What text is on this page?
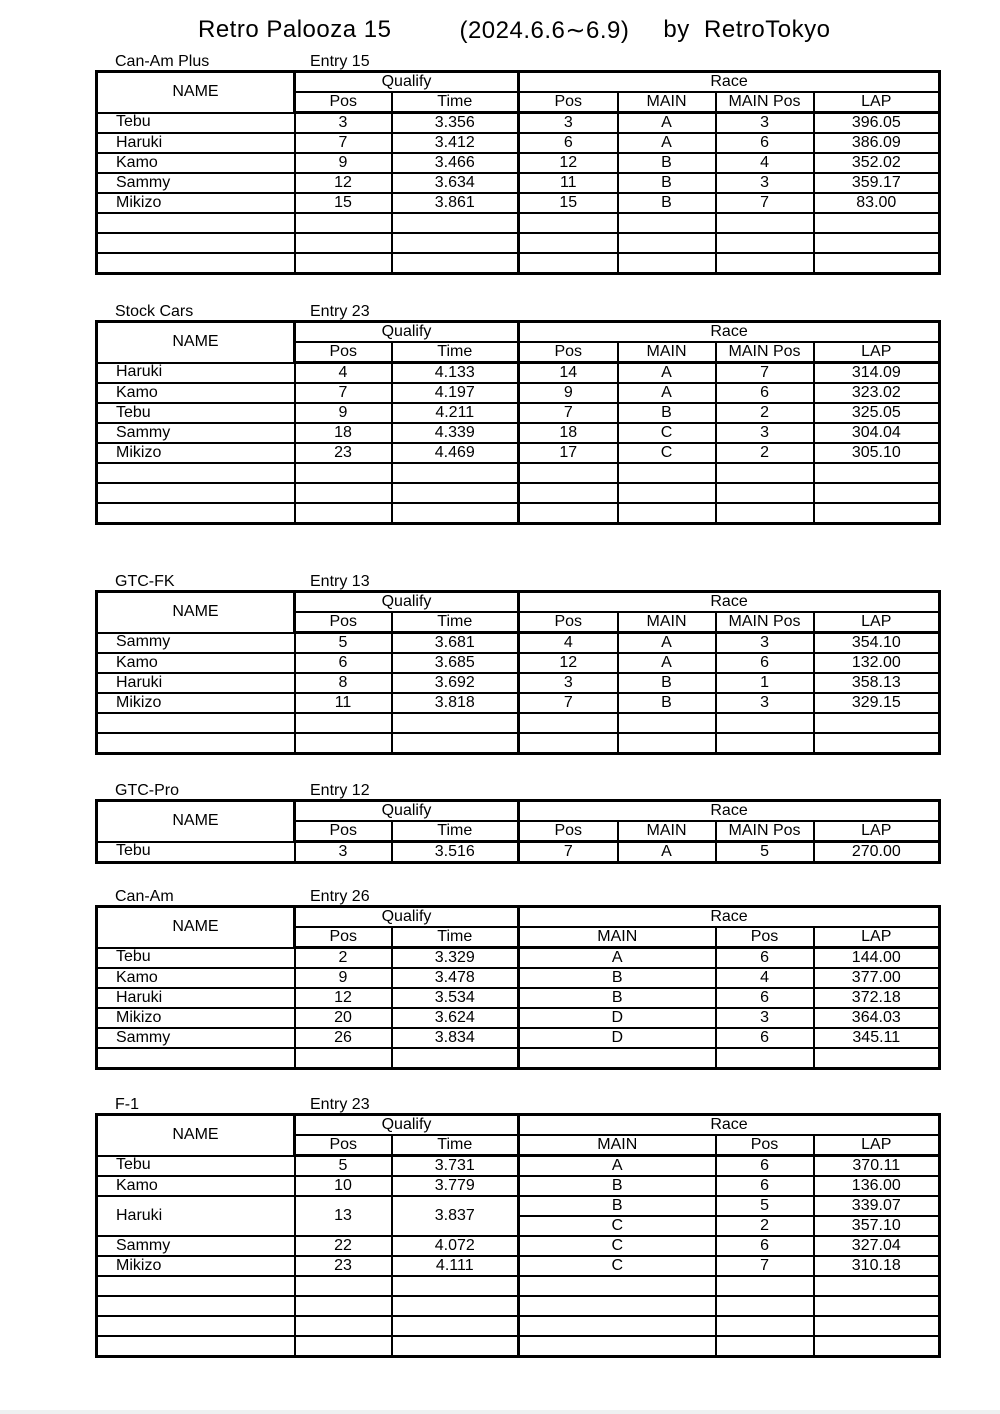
Retro Palooza 15	(2024.6.6∼6.9) by  RetroTokyo
Can-Am Plus	Entry 15
NAME	Qualify		Race			
	Pos	Time	Pos	MAIN	MAIN Pos	LAP
Tebu	3	3.356	3	A	3	396.05
Haruki	7	3.412	6	A	6	386.09
Kamo	9	3.466	12	B	4	352.02
Sammy	12	3.634	11	B	3	359.17
Mikizo	15	3.861	15	B	7	83.00

Stock Cars	Entry 23
NAME	Qualify		Race			
	Pos	Time	Pos	MAIN	MAIN Pos	LAP
Haruki	4	4.133	14	A	7	314.09
Kamo	7	4.197	9	A	6	323.02
Tebu	9	4.211	7	B	2	325.05
Sammy	18	4.339	18	C	3	304.04
Mikizo	23	4.469	17	C	2	305.10

GTC-FK	Entry 13
NAME	Qualify		Race			
	Pos	Time	Pos	MAIN	MAIN Pos	LAP
Sammy	5	3.681	4	A	3	354.10
Kamo	6	3.685	12	A	6	132.00
Haruki	8	3.692	3	B	1	358.13
Mikizo	11	3.818	7	B	3	329.15

GTC-Pro	Entry 12
NAME	Qualify		Race			
	Pos	Time	Pos	MAIN	MAIN Pos	LAP
Tebu	3	3.516	7	A	5	270.00
Can-Am	Entry 26
NAME	Qualify		Race		
	Pos	Time	MAIN	Pos	LAP
Tebu	2	3.329	A	6	144.00
Kamo	9	3.478	B	4	377.00
Haruki	12	3.534	B	6	372.18
Mikizo	20	3.624	D	3	364.03
Sammy	26	3.834	D	6	345.11

F-1	Entry 23
NAME	Qualify		Race		
	Pos	Time	MAIN	Pos	LAP
Tebu	5	3.731	A	6	370.11
Kamo	10	3.779	B	6	136.00
Haruki	13	3.837	B	5	339.07
			C	2	357.10
Sammy	22	4.072	C	6	327.04
Mikizo	23	4.111	C	7	310.18
